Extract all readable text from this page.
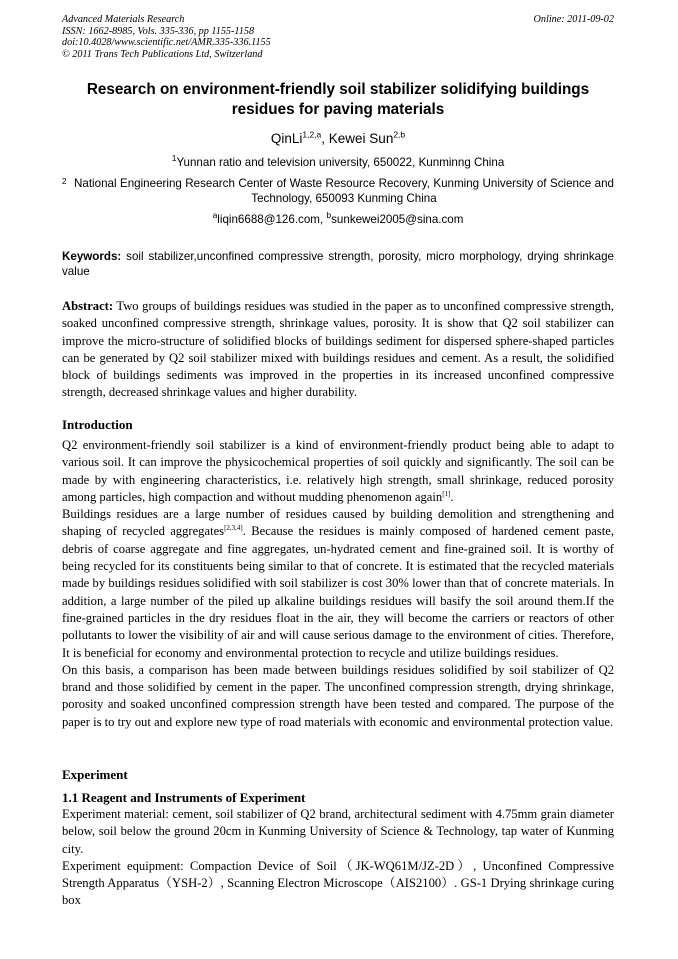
Advanced Materials Research
ISSN: 1662-8985, Vols. 335-336, pp 1155-1158
doi:10.4028/www.scientific.net/AMR.335-336.1155
© 2011 Trans Tech Publications Ltd, Switzerland
Online: 2011-09-02
Research on environment-friendly soil stabilizer solidifying buildings residues for paving materials
QinLi$^{1,2,a}$, Kewei Sun$^{2,b}$
$^1$Yunnan ratio and television university, 650022, Kunminng China
2 National Engineering Research Center of Waste Resource Recovery, Kunming University of Science and Technology, 650093 Kunming China
$^a$liqin6688@126.com, $^b$sunkewei2005@sina.com
Keywords: soil stabilizer,unconfined compressive strength, porosity, micro morphology, drying shrinkage value
Abstract: Two groups of buildings residues was studied in the paper as to unconfined compressive strength, soaked unconfined compressive strength, shrinkage values, porosity. It is show that Q2 soil stabilizer can improve the micro-structure of solidified blocks of buildings sediment for dispersed sphere-shaped particles can be generated by Q2 soil stabilizer mixed with buildings residues and cement. As a result, the solidified block of buildings sediments was improved in the properties in its increased unconfined compressive strength, decreased shrinkage values and higher durability.
Introduction

Q2 environment-friendly soil stabilizer is a kind of environment-friendly product being able to adapt to various soil. It can improve the physicochemical properties of soil quickly and significantly. The soil can be made by with engineering characteristics, i.e. relatively high strength, small shrinkage, reduced porosity among particles, high compaction and without mudding phenomenon again[1].

Buildings residues are a large number of residues caused by building demolition and strengthening and shaping of recycled aggregates[2,3,4]. Because the residues is mainly composed of hardened cement paste, debris of coarse aggregate and fine aggregates, un-hydrated cement and fine-grained soil. It is worthy of being recycled for its constituents being similar to that of concrete. It is estimated that the recycled materials made by buildings residues solidified with soil stabilizer is cost 30% lower than that of concrete materials. In addition, a large number of the piled up alkaline buildings residues will basify the soil around them.If the fine-grained particles in the dry residues float in the air, they will become the carriers or reactors of other pollutants to lower the visibility of air and will cause serious damage to the environment of cities. Therefore, It is beneficial for economy and environmental protection to recycle and utilize buildings residues.

On this basis, a comparison has been made between buildings residues solidified by soil stabilizer of Q2 brand and those solidified by cement in the paper. The unconfined compression strength, drying shrinkage, porosity and soaked unconfined compression strength have been tested and compared. The purpose of the paper is to try out and explore new type of road materials with economic and environmental protection value.

Experiment
1.1 Reagent and Instruments of Experiment

Experiment material: cement, soil stabilizer of Q2 brand, architectural sediment with 4.75mm grain diameter below, soil below the ground 20cm in Kunming University of Science & Technology, tap water of Kunming city.

Experiment equipment: Compaction Device of Soil（JK-WQ61M/JZ-2D）, Unconfined Compressive Strength Apparatus（YSH-2）, Scanning Electron Microscope（AIS2100）. GS-1 Drying shrinkage curing box
